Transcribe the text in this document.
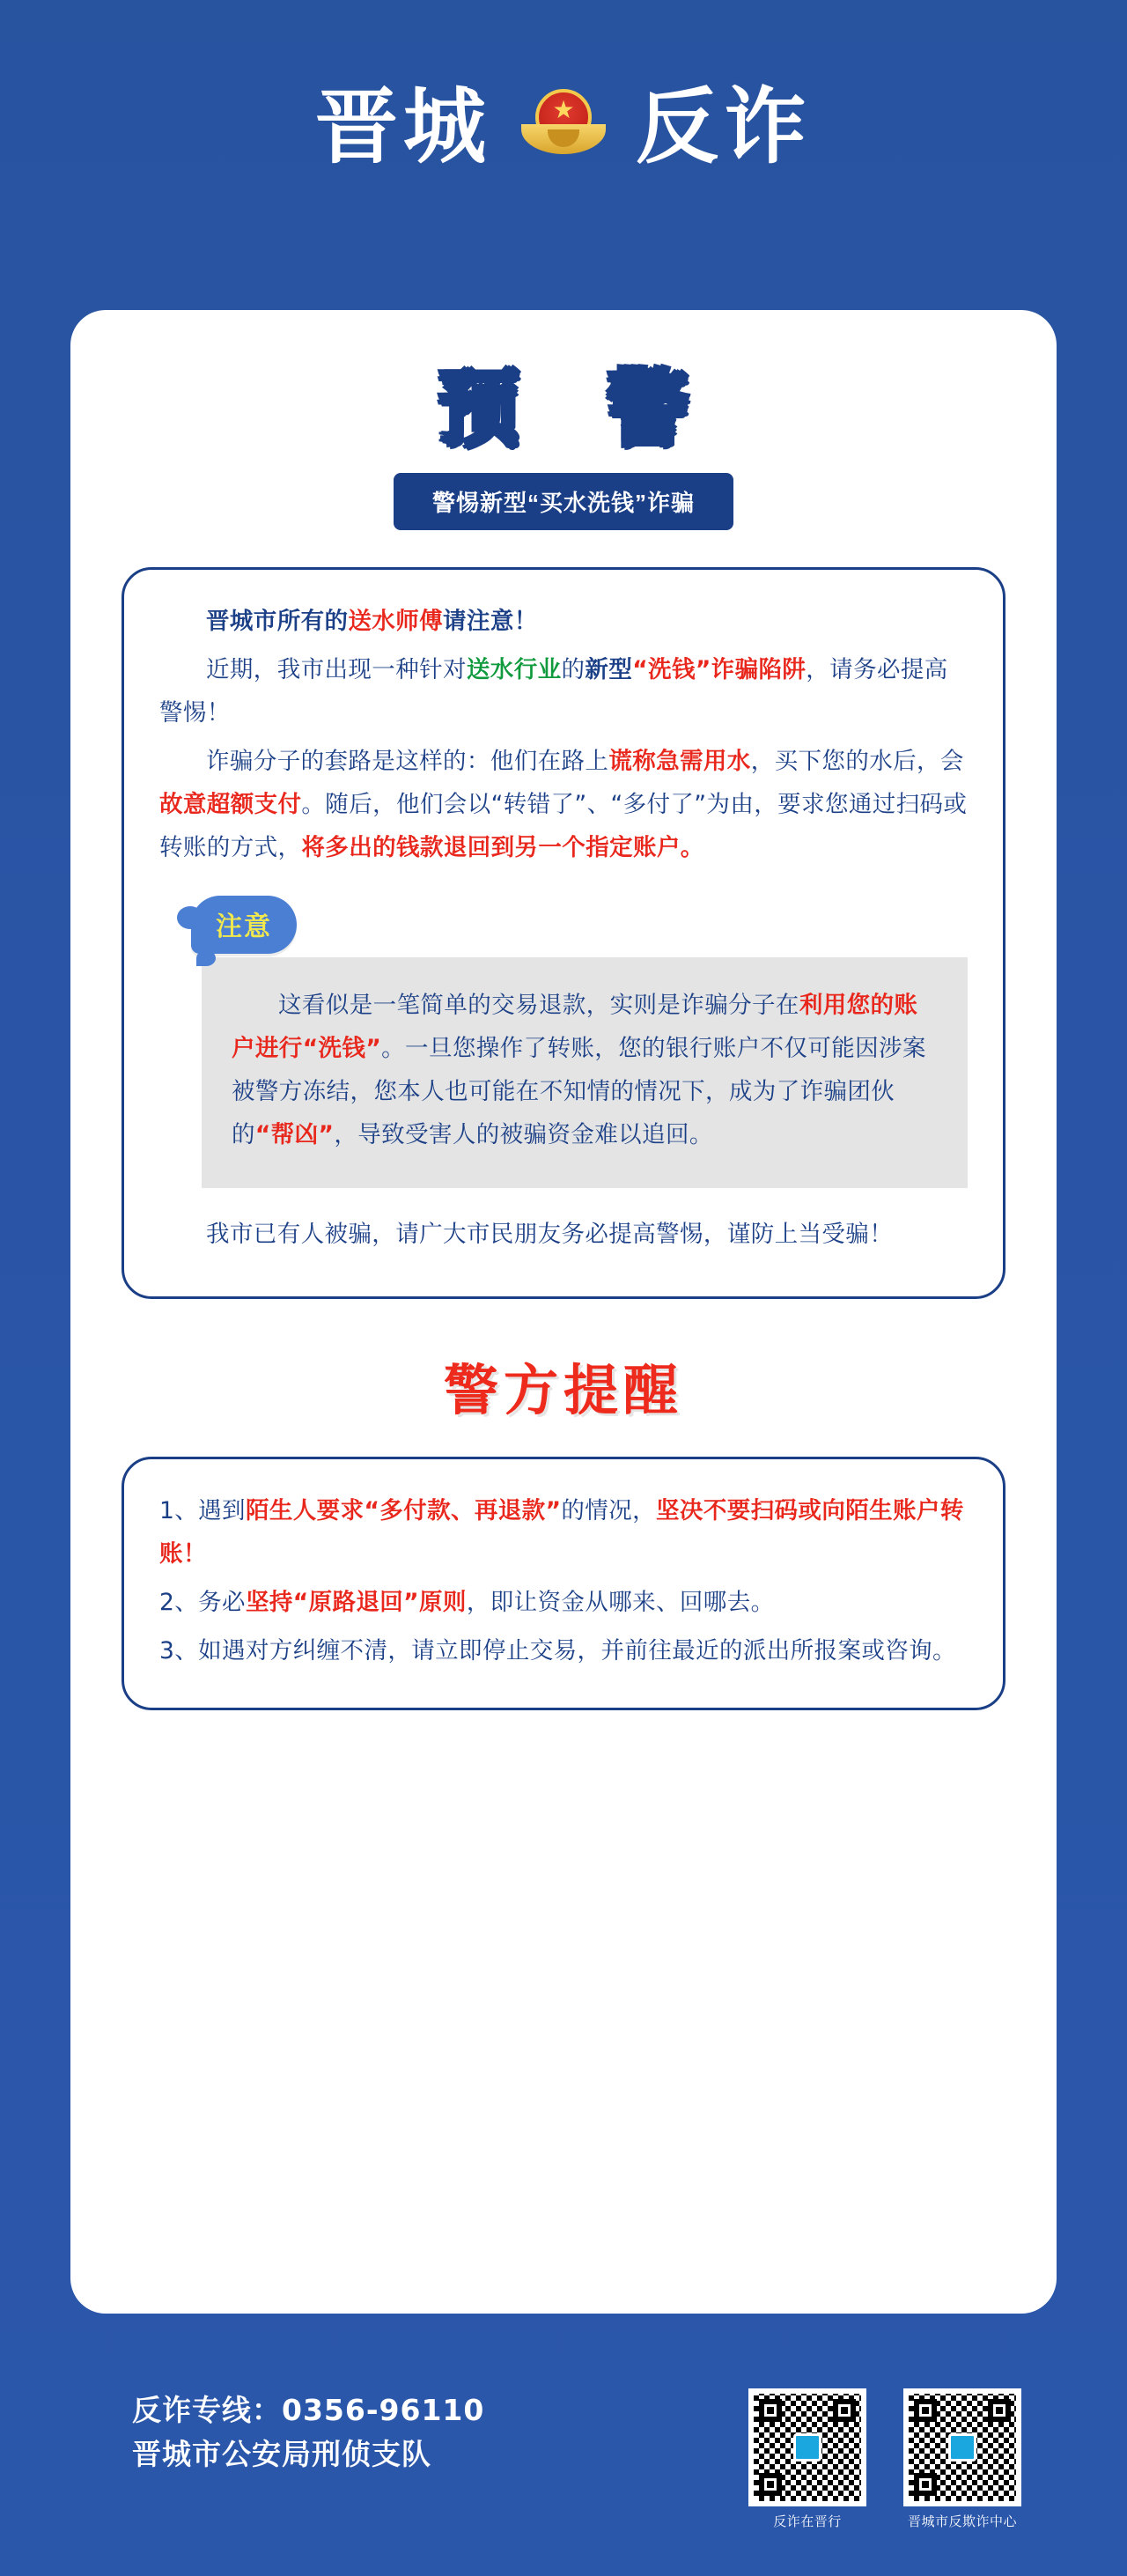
晋城 ★ 反诈
预警
警惕新型“买水洗钱”诈骗

晋城市所有的送水师傅请注意！

近期，我市出现一种针对送水行业的新型“洗钱”诈骗陷阱，请务必提高警惕！

诈骗分子的套路是这样的：他们在路上谎称急需用水，买下您的水后，会故意超额支付。随后，他们会以“转错了”、“多付了”为由，要求您通过扫码或转账的方式，将多出的钱款退回到另一个指定账户。

注意

这看似是一笔简单的交易退款，实则是诈骗分子在利用您的账户进行“洗钱”。一旦您操作了转账，您的银行账户不仅可能因涉案被警方冻结，您本人也可能在不知情的情况下，成为了诈骗团伙的“帮凶”，导致受害人的被骗资金难以追回。

我市已有人被骗，请广大市民朋友务必提高警惕，谨防上当受骗！

警方提醒

1、遇到陌生人要求“多付款、再退款”的情况，坚决不要扫码或向陌生账户转账！

2、务必坚持“原路退回”原则，即让资金从哪来、回哪去。

3、如遇对方纠缠不清，请立即停止交易，并前往最近的派出所报案或咨询。

反诈专线：0356-96110
晋城市公安局刑侦支队
反诈在晋行	晋城市反欺诈中心
